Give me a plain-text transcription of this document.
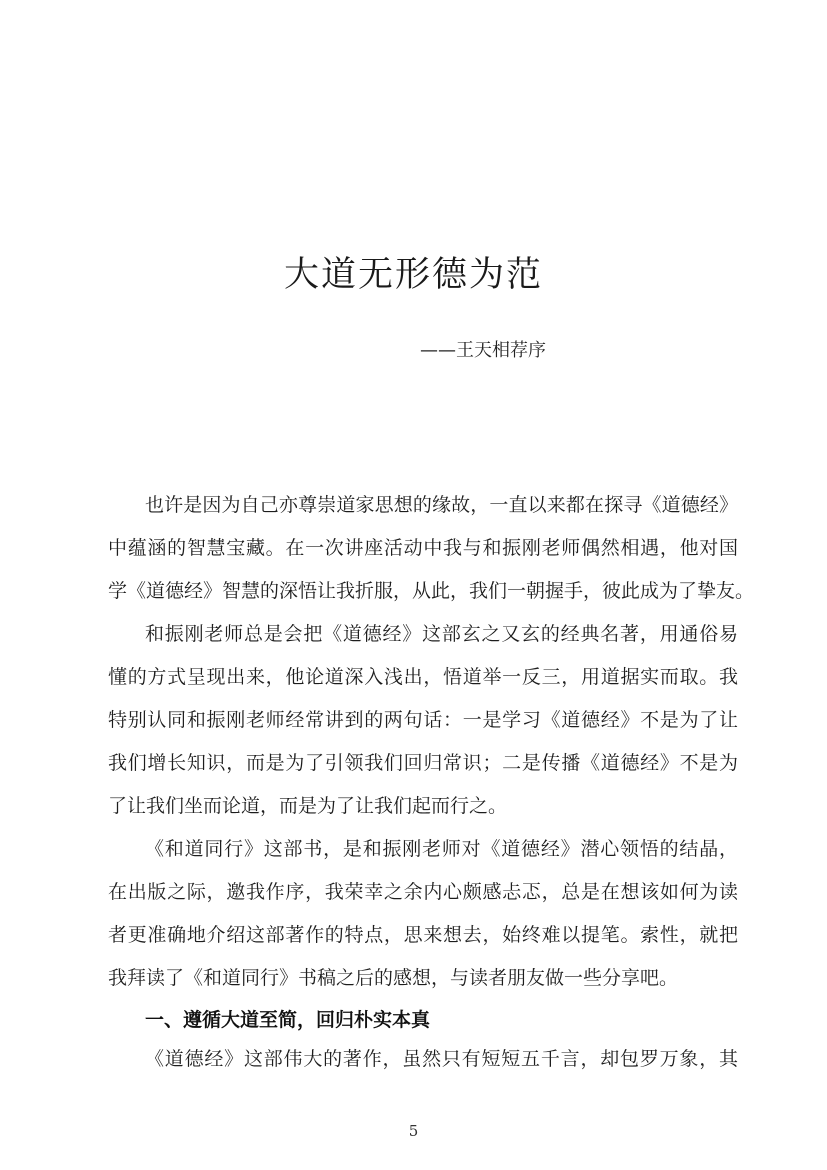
大道无形德为范
——王天相荐序
也许是因为自己亦尊崇道家思想的缘故，一直以来都在探寻《道德经》
中蕴涵的智慧宝藏。在一次讲座活动中我与和振刚老师偶然相遇，他对国
学《道德经》智慧的深悟让我折服，从此，我们一朝握手，彼此成为了挚友。
和振刚老师总是会把《道德经》这部玄之又玄的经典名著，用通俗易
懂的方式呈现出来，他论道深入浅出，悟道举一反三，用道据实而取。我
特别认同和振刚老师经常讲到的两句话：一是学习《道德经》不是为了让
我们增长知识，而是为了引领我们回归常识；二是传播《道德经》不是为
了让我们坐而论道，而是为了让我们起而行之。
《和道同行》这部书，是和振刚老师对《道德经》潜心领悟的结晶，
在出版之际，邀我作序，我荣幸之余内心颇感忐忑，总是在想该如何为读
者更准确地介绍这部著作的特点，思来想去，始终难以提笔。索性，就把
我拜读了《和道同行》书稿之后的感想，与读者朋友做一些分享吧。
一、遵循大道至简，回归朴实本真
《道德经》这部伟大的著作，虽然只有短短五千言，却包罗万象，其
5
